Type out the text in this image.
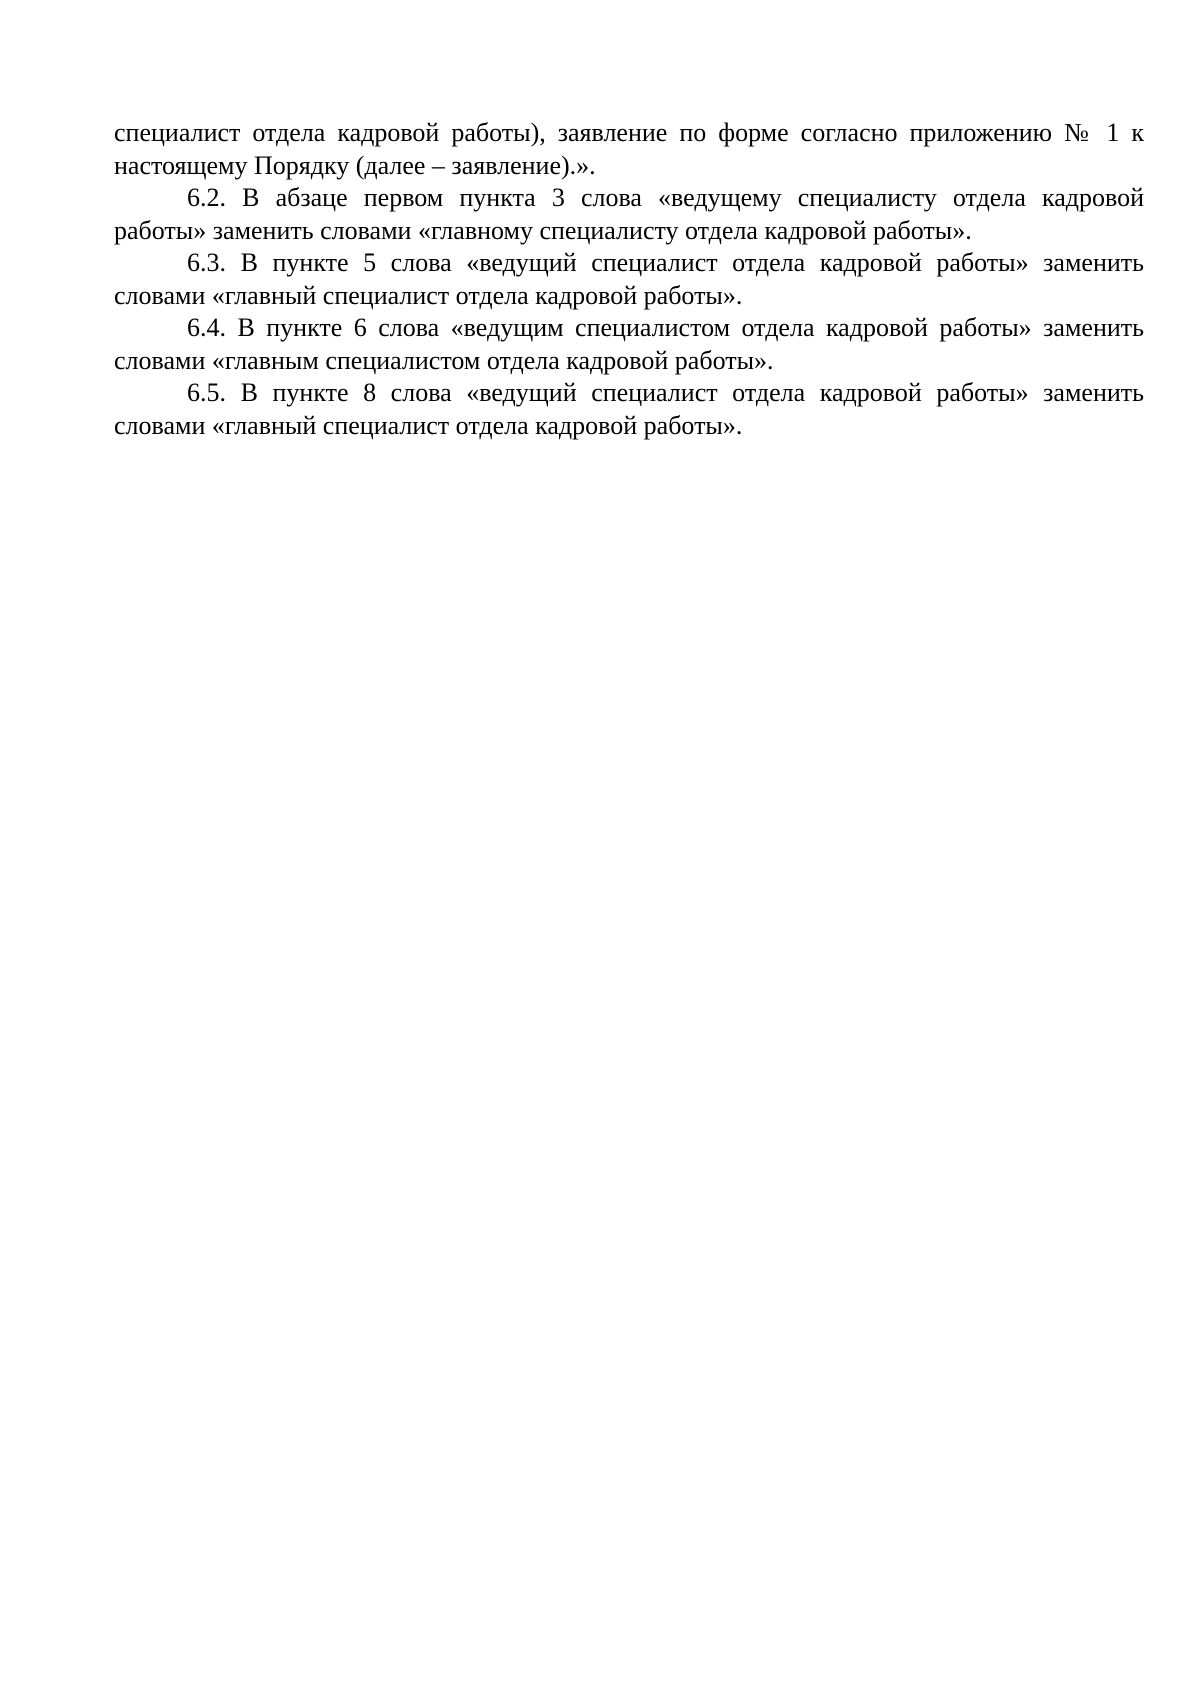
специалист отдела кадровой работы), заявление по форме согласно приложению № 1 к настоящему Порядку (далее – заявление).».

6.2. В абзаце первом пункта 3 слова «ведущему специалисту отдела кадровой работы» заменить словами «главному специалисту отдела кадровой работы».

6.3. В пункте 5 слова «ведущий специалист отдела кадровой работы» заменить словами «главный специалист отдела кадровой работы».

6.4. В пункте 6 слова «ведущим специалистом отдела кадровой работы» заменить словами «главным специалистом отдела кадровой работы».

6.5. В пункте 8 слова «ведущий специалист отдела кадровой работы» заменить словами «главный специалист отдела кадровой работы».
